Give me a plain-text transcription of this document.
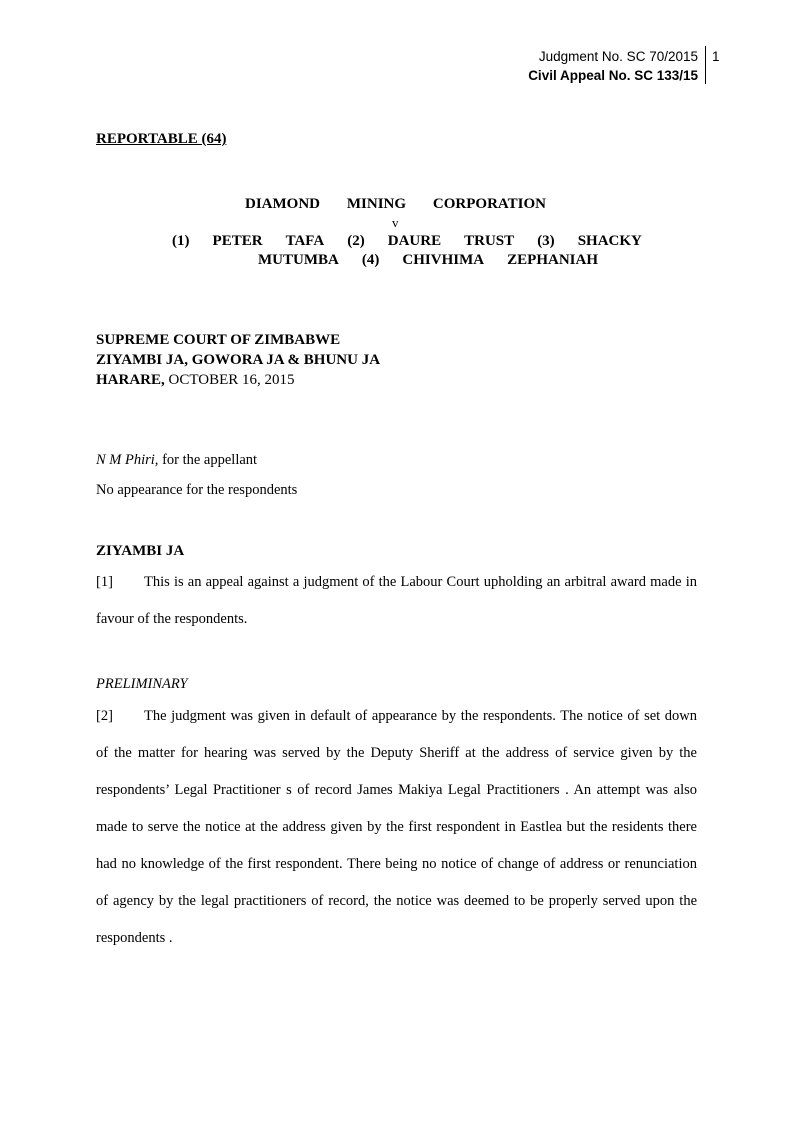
Judgment No. SC 70/2015
Civil Appeal No. SC 133/15
1
REPORTABLE (64)
DIAMOND MINING CORPORATION
v
(1) PETER TAFA (2) DAURE TRUST (3) SHACKY
MUTUMBA (4) CHIVHIMA ZEPHANIAH
SUPREME COURT OF ZIMBABWE
ZIYAMBI JA, GOWORA JA & BHUNU JA
HARARE, OCTOBER 16, 2015
N M Phiri, for the appellant
No appearance for the respondents
ZIYAMBI JA

[1] This is an appeal against a judgment of the Labour Court upholding an arbitral award made in favour of the respondents.

PRELIMINARY

[2] The judgment was given in default of appearance by the respondents. The notice of set down of the matter for hearing was served by the Deputy Sheriff at the address of service given by the respondents’ Legal Practitioner s of record James Makiya Legal Practitioners . An attempt was also made to serve the notice at the address given by the first respondent in Eastlea but the residents there had no knowledge of the first respondent. There being no notice of change of address or renunciation of agency by the legal practitioners of record, the notice was deemed to be properly served upon the respondents .
